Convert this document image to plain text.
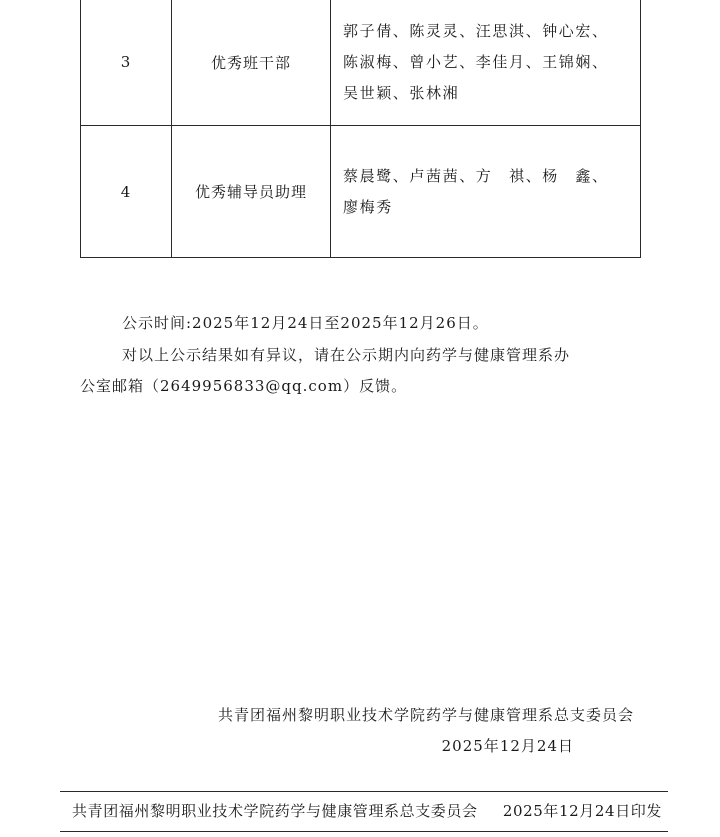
3	优秀班干部	郭子倩、陈灵灵、汪思淇、钟心宏、
陈淑梅、曾小艺、李佳月、王锦娴、
吴世颖、张林湘

4	优秀辅导员助理	蔡晨鹭、卢茜茜、方　祺、杨　鑫、
廖梅秀
公示时间:2025年12月24日至2025年12月26日。

对以上公示结果如有异议，请在公示期内向药学与健康管理系办

公室邮箱（2649956833@qq.com）反馈。

共青团福州黎明职业技术学院药学与健康管理系总支委员会
2025年12月24日
共青团福州黎明职业技术学院药学与健康管理系总支委员会 2025年12月24日印发
